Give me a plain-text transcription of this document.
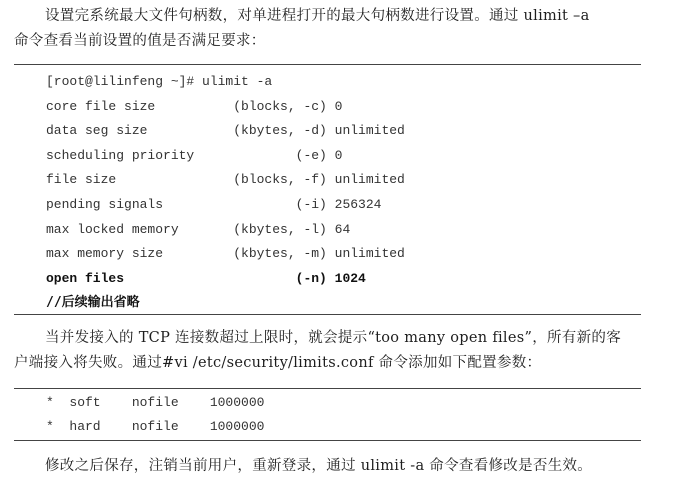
设置完系统最大文件句柄数，对单进程打开的最大句柄数进行设置。通过 ulimit –a
命令查看当前设置的值是否满足要求：

[root@lilinfeng ~]# ulimit -a
core file size          (blocks, -c) 0
data seg size           (kbytes, -d) unlimited
scheduling priority             (-e) 0
file size               (blocks, -f) unlimited
pending signals                 (-i) 256324
max locked memory       (kbytes, -l) 64
max memory size         (kbytes, -m) unlimited
open files                      (-n) 1024
//后续输出省略

当并发接入的 TCP 连接数超过上限时，就会提示“too many open files”，所有新的客
户端接入将失败。通过#vi /etc/security/limits.conf 命令添加如下配置参数：

*  soft    nofile    1000000
*  hard    nofile    1000000

修改之后保存，注销当前用户，重新登录，通过 ulimit -a 命令查看修改是否生效。
